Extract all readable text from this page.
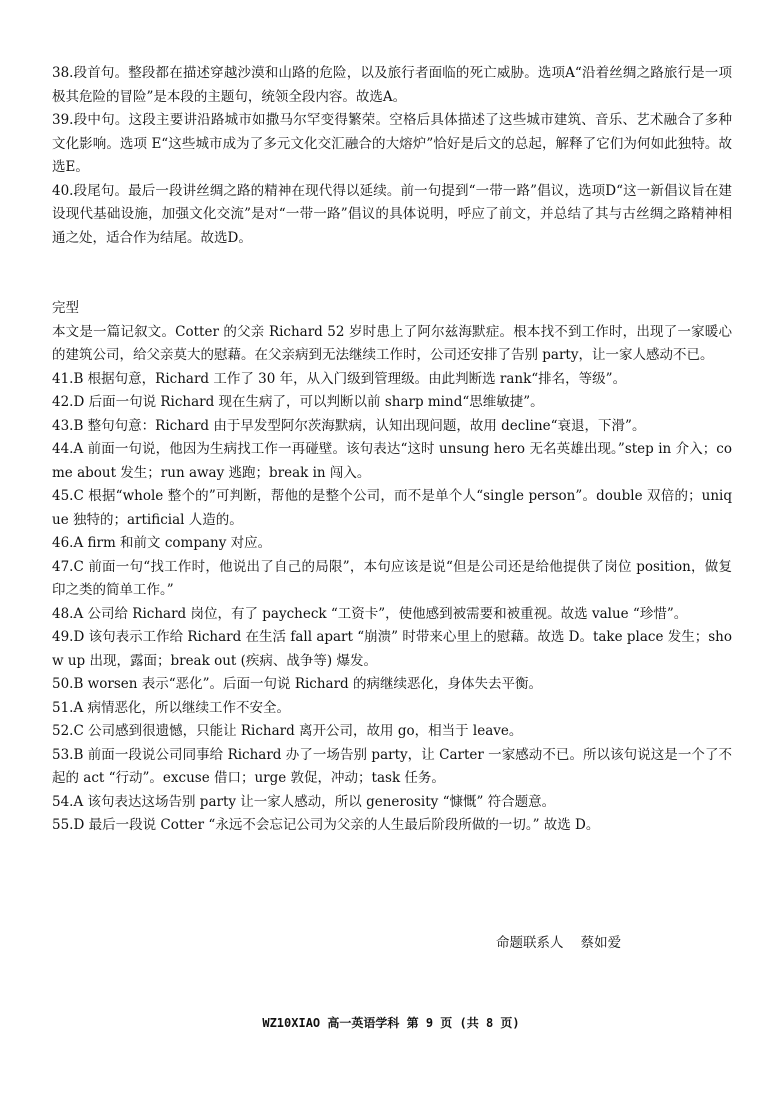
38.段首句。整段都在描述穿越沙漠和山路的危险，以及旅行者面临的死亡威胁。选项A“沿着丝绸之路旅行是一项极其危险的冒险”是本段的主题句，统领全段内容。故选A。

39.段中句。这段主要讲沿路城市如撒马尔罕变得繁荣。空格后具体描述了这些城市建筑、音乐、艺术融合了多种文化影响。选项 E“这些城市成为了多元文化交汇融合的大熔炉”恰好是后文的总起，解释了它们为何如此独特。故选E。

40.段尾句。最后一段讲丝绸之路的精神在现代得以延续。前一句提到“一带一路”倡议，选项D“这一新倡议旨在建设现代基础设施，加强文化交流”是对“一带一路”倡议的具体说明，呼应了前文，并总结了其与古丝绸之路精神相通之处，适合作为结尾。故选D。

完型

本文是一篇记叙文。Cotter 的父亲 Richard 52 岁时患上了阿尔兹海默症。根本找不到工作时，出现了一家暖心的建筑公司，给父亲莫大的慰藉。在父亲病到无法继续工作时，公司还安排了告别 party，让一家人感动不已。

41.B 根据句意，Richard 工作了 30 年，从入门级到管理级。由此判断选 rank“排名，等级”。

42.D 后面一句说 Richard 现在生病了，可以判断以前 sharp mind“思维敏捷”。

43.B 整句句意：Richard 由于早发型阿尔茨海默病，认知出现问题，故用 decline“衰退，下滑”。

44.A 前面一句说，他因为生病找工作一再碰壁。该句表达“这时 unsung hero 无名英雄出现。”step in 介入；come about 发生；run away 逃跑；break in 闯入。

45.C 根据“whole 整个的”可判断，帮他的是整个公司，而不是单个人“single person”。double 双倍的；unique 独特的；artificial 人造的。

46.A firm 和前文 company 对应。

47.C 前面一句“找工作时，他说出了自己的局限”，本句应该是说“但是公司还是给他提供了岗位 position，做复印之类的简单工作。”

48.A 公司给 Richard 岗位，有了 paycheck “工资卡”，使他感到被需要和被重视。故选 value “珍惜”。

49.D 该句表示工作给 Richard 在生活 fall apart “崩溃” 时带来心里上的慰藉。故选 D。take place 发生；show up 出现，露面；break out (疾病、战争等) 爆发。

50.B worsen 表示“恶化”。后面一句说 Richard 的病继续恶化，身体失去平衡。

51.A 病情恶化，所以继续工作不安全。

52.C 公司感到很遗憾，只能让 Richard 离开公司，故用 go，相当于 leave。

53.B 前面一段说公司同事给 Richard 办了一场告别 party，让 Carter 一家感动不已。所以该句说这是一个了不起的 act “行动”。excuse 借口；urge 敦促，冲动；task 任务。

54.A 该句表达这场告别 party 让一家人感动，所以 generosity “慷慨” 符合题意。

55.D 最后一段说 Cotter “永远不会忘记公司为父亲的人生最后阶段所做的一切。” 故选 D。

命题联系人 蔡如爱
WZ10XIAO 高一英语学科 第 9 页 (共 8 页)
